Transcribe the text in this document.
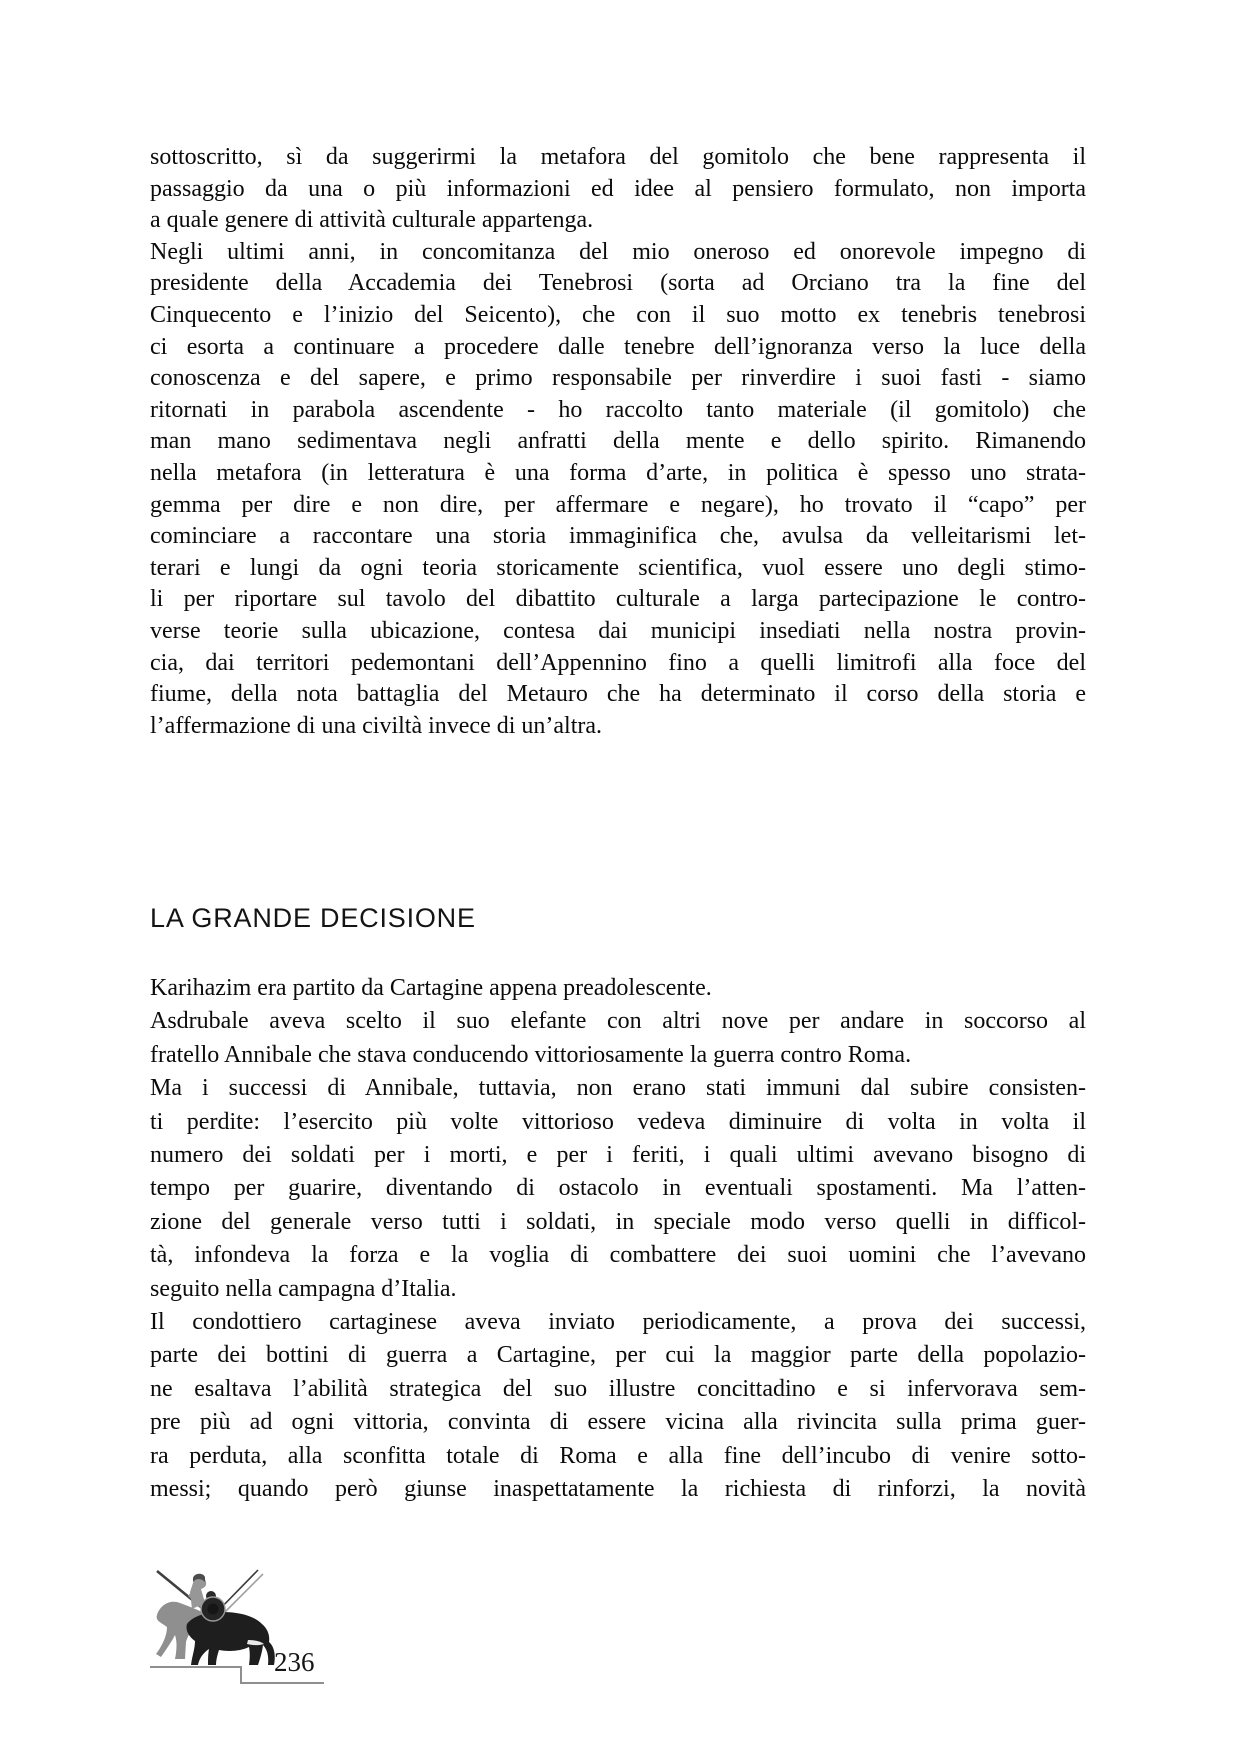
sottoscritto, sì da suggerirmi la metafora del gomitolo che bene rappresenta il
passaggio da una o più informazioni ed idee al pensiero formulato, non importa
a quale genere di attività culturale appartenga.
Negli ultimi anni, in concomitanza del mio oneroso ed onorevole impegno di
presidente della Accademia dei Tenebrosi (sorta ad Orciano tra la fine del
Cinquecento e l’inizio del Seicento), che con il suo motto ex tenebris tenebrosi
ci esorta a continuare a procedere dalle tenebre dell’ignoranza verso la luce della
conoscenza e del sapere, e primo responsabile per rinverdire i suoi fasti - siamo
ritornati in parabola ascendente - ho raccolto tanto materiale (il gomitolo) che
man mano sedimentava negli anfratti della mente e dello spirito. Rimanendo
nella metafora (in letteratura è una forma d’arte, in politica è spesso uno strata-
gemma per dire e non dire, per affermare e negare), ho trovato il “capo” per
cominciare a raccontare una storia immaginifica che, avulsa da velleitarismi let-
terari e lungi da ogni teoria storicamente scientifica, vuol essere uno degli stimo-
li per riportare sul tavolo del dibattito culturale a larga partecipazione le contro-
verse teorie sulla ubicazione, contesa dai municipi insediati nella nostra provin-
cia, dai territori pedemontani dell’Appennino fino a quelli limitrofi alla foce del
fiume, della nota battaglia del Metauro che ha determinato il corso della storia e
l’affermazione di una civiltà invece di un’altra.
LA GRANDE DECISIONE
Karihazim era partito da Cartagine appena preadolescente.
Asdrubale aveva scelto il suo elefante con altri nove per andare in soccorso al
fratello Annibale che stava conducendo vittoriosamente la guerra contro Roma.
Ma i successi di Annibale, tuttavia, non erano stati immuni dal subire consisten-
ti perdite: l’esercito più volte vittorioso vedeva diminuire di volta in volta il
numero dei soldati per i morti, e per i feriti, i quali ultimi avevano bisogno di
tempo per guarire, diventando di ostacolo in eventuali spostamenti. Ma l’atten-
zione del generale verso tutti i soldati, in speciale modo verso quelli in difficol-
tà, infondeva la forza e la voglia di combattere dei suoi uomini che l’avevano
seguito nella campagna d’Italia.
Il condottiero cartaginese aveva inviato periodicamente, a prova dei successi,
parte dei bottini di guerra a Cartagine, per cui la maggior parte della popolazio-
ne esaltava l’abilità strategica del suo illustre concittadino e si infervorava sem-
pre più ad ogni vittoria, convinta di essere vicina alla rivincita sulla prima guer-
ra perduta, alla sconfitta totale di Roma e alla fine dell’incubo di venire sotto-
messi; quando però giunse inaspettatamente la richiesta di rinforzi, la novità
236
